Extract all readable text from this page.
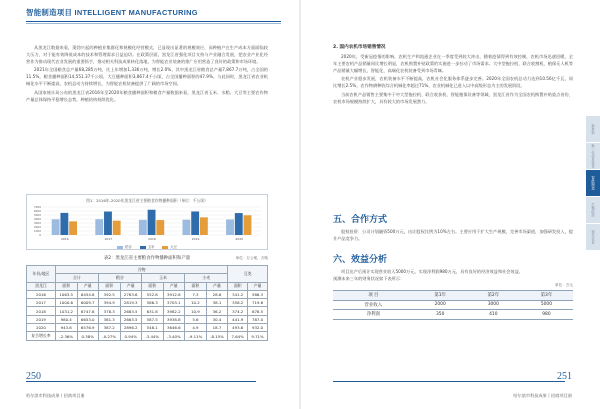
智能制造项目 INTELLIGENT MANUFACTURING

从黑龙江数据来看，蓬勃兴起的种植业集群化和规模化经营模式，已显现出显著的规模效应，而种植户在生产成本方面面临较大压力，对于能有效降低成本的技术和管理需求日益迫切。在政策层面，黑龙江省强化项目支持与产业融合发展，把农业产业化经营作为推动现代农业发展的重要抓手，推动相关科技成果转化落地，为智能农业装备的推广应用营造了良好的政策和市场环境。

2021年全国粮食总产量68,285万吨，比上年增加1,336万吨，增长2.0%，其中黑龙江省粮食总产量7,867.7万吨，占全国的11.5%，粮食播种面积14,551.37千公顷，大豆播种面积3,867.4千公顷，占全国播种面积的47.9%。与此同时，黑龙江省农业机械化水平不断提高，农机总动力持续增长，为智能农机装备提供了广阔的市场空间。

从国家统计局公布的黑龙江省2016年至2020年粮食播种面积和粮食产量数据来看，黑龙江省玉米、水稻、大豆等主要农作物产量总体保持平稳增长态势，种植结构持续优化。

图1：2016年-2020年黑龙江省主要粮食作物播种面积（单位：千公顷）
0
1000
2000
3000
4000
5000
6000
7000
2016	2017	2018	2019	2020
稻谷	玉米	大豆
表2：黑龙江省主要粮食作物播种面积和产量	单位：万公顷，万吨
年份/地区	谷物								豆类	
	合计		稻谷		玉米		小麦			
黑龙江	面积	产量	面积	产量	面积	产量	面积	产量	面积	产量
2016	1063.5	6454.8	392.5	2783.6	552.8	3912.8	7.3	28.6	341.2	586.3
2017	1000.6	6009.7	394.9	2819.3	586.3	3703.1	10.2	38.1	358.2	719.6
2018	1031.2	6747.6	378.3	2683.5	631.8	3982.2	10.9	36.2	374.2	678.5
2019	980.4	6653.0	381.3	2663.5	587.5	3938.8	5.6	30.4	441.9	787.0
2020	943.8	6576.9	387.2	2896.2	548.1	3646.6	4.9	18.7	493.6	932.0
复合增长率	-2.36%	0.38%	-0.27%	0.94%	-3.44%	-3.40%	-9.11%	-8.15%	7.64%	9.71%
250
哈尔滨市科技成果丨招商项目册

2. 国内农机市场销售情况

2020年，受新冠疫情的影响，农机生产和流通企业在一季度受到较大冲击，随着疫情得到有效控制，农机市场迅速回暖，全年主要农机产品销量同比增长明显，农机购置补贴政策的实施进一步拉动了市场需求。大中型拖拉机、联合收割机、植保无人机等产品销量大幅增长，智能化、高端化农机装备受到市场青睐。

农机产业稳步发展，农机装备水平不断提高，农机社会化服务体系逐步完善。2020年全国农机总动力达到10.56亿千瓦，同比增长2.5%，农作物耕种收综合机械化率超过71%，农业机械化已进入以中高级形态为主的发展阶段。

当前农机产品销售主要集中于中大型拖拉机、联合收获机、智能植保设备等领域，黑龙江省作为全国农机购置补贴重点省份，农机市场规模持续扩大，具有较大的市场发展潜力。

五、合作方式

股权投资：公司计划融资500万元，出让股权比例为10%左右。主要应用于扩大生产规模，完善市场渠道，加强研发投入，提升产品竞争力。

六、效益分析

项目达产后预计实现营业收入5000万元，实现净利润980万元，具有良好的经济效益和社会效益。

预测未来三年的财务状况如下表所示：

单位：万元
项 目	第1年	第2年	第3年
营业收入	2000	3000	5000
净利润	350	410	980
新材料
新一代信息技术
智能制造
生物医药
现代农业
251
哈尔滨市科技成果丨招商项目册
